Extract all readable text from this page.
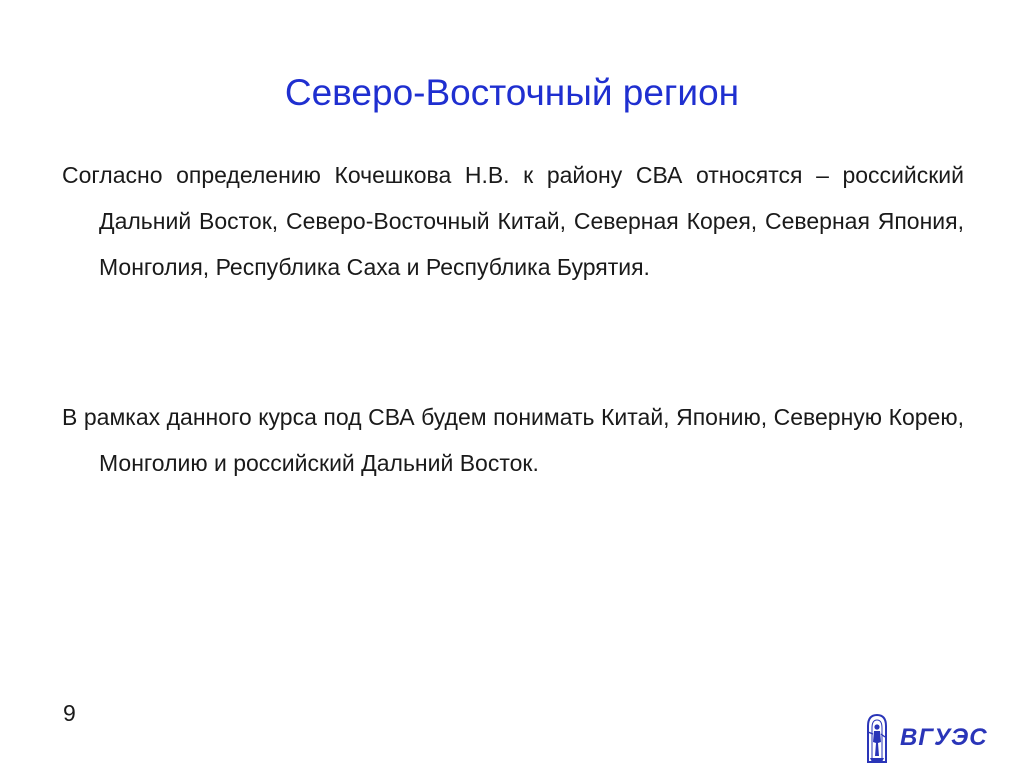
Северо-Восточный регион

Согласно определению Кочешкова Н.В. к району СВА относятся – российский Дальний Восток, Северо-Восточный Китай, Северная Корея, Северная Япония, Монголия, Республика Саха и Республика Бурятия.

В рамках данного курса под СВА будем понимать Китай, Японию, Северную Корею, Монголию и российский Дальний Восток.

9
ВГУЭС
